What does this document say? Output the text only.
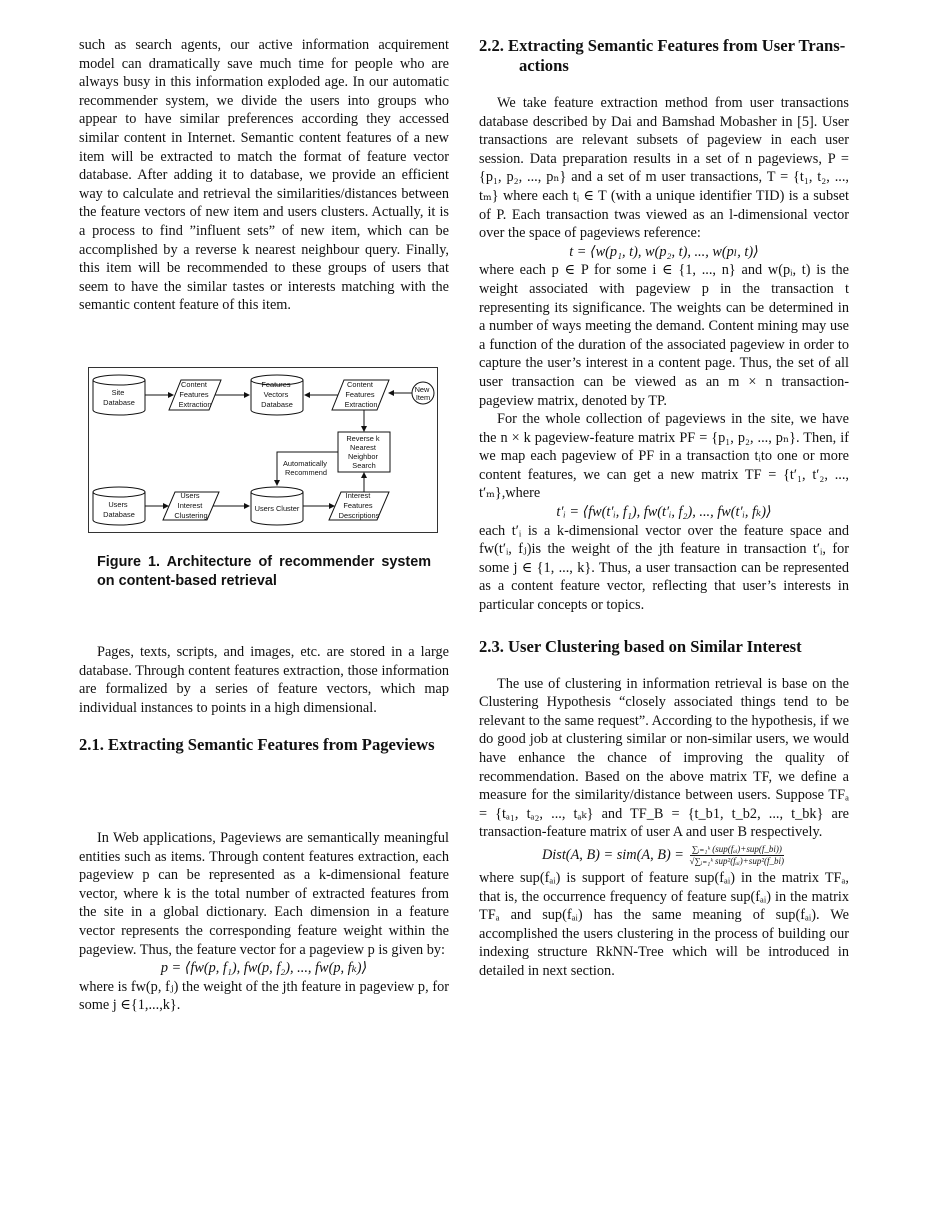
such as search agents, our active information acquirement model can dramatically save much time for people who are always busy in this information exploded age. In our automatic recommender system, we divide the users into groups who appear to have similar preferences according they accessed similar content in Internet. Semantic content features of a new item will be extracted to match the format of feature vector database. After adding it to database, we provide an efficient way to calculate and retrieval the similarities/distances between the feature vectors of new item and users clusters. Actually, it is a process to find ”influent sets” of new item, which can be accomplished by a reverse k nearest neighbour query. Finally, this item will be recommended to these groups of users that seem to have the similar tastes or interests matching with the semantic content feature of this item.

Site Database
Content Features Extraction
Features Vectors Database
Content Features Extraction
New Item
Reverse k Nearest Neighbor Search
Automatically Recommend
Users Database
Users Interest Clustering
Users Cluster
Interest Features Descriptions

Figure 1. Architecture of recommender system on content-based retrieval

Pages, texts, scripts, and images, etc. are stored in a large database. Through content features extraction, those information are formalized by a series of feature vectors, which map individual instances to points in a high dimensional.

2.1. Extracting Semantic Features from Pageviews

In Web applications, Pageviews are semantically meaningful entities such as items. Through content features extraction, each pageview p can be represented as a k-dimensional feature vector, where k is the total number of extracted features from the site in a global dictionary. Each dimension in a feature vector represents the corresponding feature weight within the pageview. Thus, the feature vector for a pageview p is given by:

p = ⟨fw(p, f₁), fw(p, f₂), ..., fw(p, fₖ)⟩

where is fw(p, fⱼ) the weight of the jth feature in pageview p, for some j ∈{1,...,k}.

2.2. Extracting Semantic Features from User Trans-
actions

We take feature extraction method from user transactions database described by Dai and Bamshad Mobasher in [5]. User transactions are relevant subsets of pageview in each user session. Data preparation results in a set of n pageviews, P = {p₁, p₂, ..., pₙ} and a set of m user transactions, T = {t₁, t₂, ..., tₘ} where each tᵢ ∈ T (with a unique identifier TID) is a subset of P. Each transaction twas viewed as an l-dimensional vector over the space of pageviews reference:

t = ⟨w(p₁, t), w(p₂, t), ..., w(pₗ, t)⟩

where each p ∈ P for some i ∈ {1, ..., n} and w(pᵢ, t) is the weight associated with pageview p in the transaction t representing its significance. The weights can be determined in a number of ways meeting the demand. Content mining may use a function of the duration of the associated pageview in order to capture the user’s interest in a content page. Thus, the set of all user transaction can be viewed as an m × n transaction-pageview matrix, denoted by TP.

For the whole collection of pageviews in the site, we have the n × k pageview-feature matrix PF = {p₁, p₂, ..., pₙ}. Then, if we map each pageview of PF in a transaction tᵢto one or more content features, we can get a new matrix TF = {t′₁, t′₂, ..., t′ₘ},where

t′ᵢ = ⟨fw(t′ᵢ, f₁), fw(t′ᵢ, f₂), ..., fw(t′ᵢ, fₖ)⟩

each t′ᵢ is a k-dimensional vector over the feature space and fw(t′ᵢ, fⱼ)is the weight of the jth feature in transaction t′ᵢ, for some j ∈ {1, ..., k}. Thus, a user transaction can be represented as a content feature vector, reflecting that user’s interests in particular concepts or topics.

2.3. User Clustering based on Similar Interest

The use of clustering in information retrieval is base on the Clustering Hypothesis “closely associated things tend to be relevant to the same request”. According to the hypothesis, if we do good job at clustering similar or non-similar users, we would have enhance the chance of improving the quality of recommendation. Based on the above matrix TF, we define a measure for the similarity/distance between users. Suppose TFₐ = {tₐ₁, tₐ₂, ..., tₐₖ} and TF_B = {t_b1, t_b2, ..., t_bk} are transaction-feature matrix of user A and user B respectively.

Dist(A, B) = sim(A, $B) = \frac{\text{∑ᵢ₌₁ᵏ (sup(fₐᵢ)+sup(f\_bi))}}{\text{√∑ᵢ₌₁ᵏ sup²(fₐᵢ)+sup²(f\_bi)}}$

where sup(fₐᵢ) is support of feature sup(fₐᵢ) in the matrix TFₐ, that is, the occurrence frequency of feature sup(fₐᵢ) in the matrix TFₐ and sup(fₐᵢ) has the same meaning of sup(fₐᵢ). We accomplished the users clustering in the process of building our indexing structure RkNN-Tree which will be introduced in detailed in next section.
